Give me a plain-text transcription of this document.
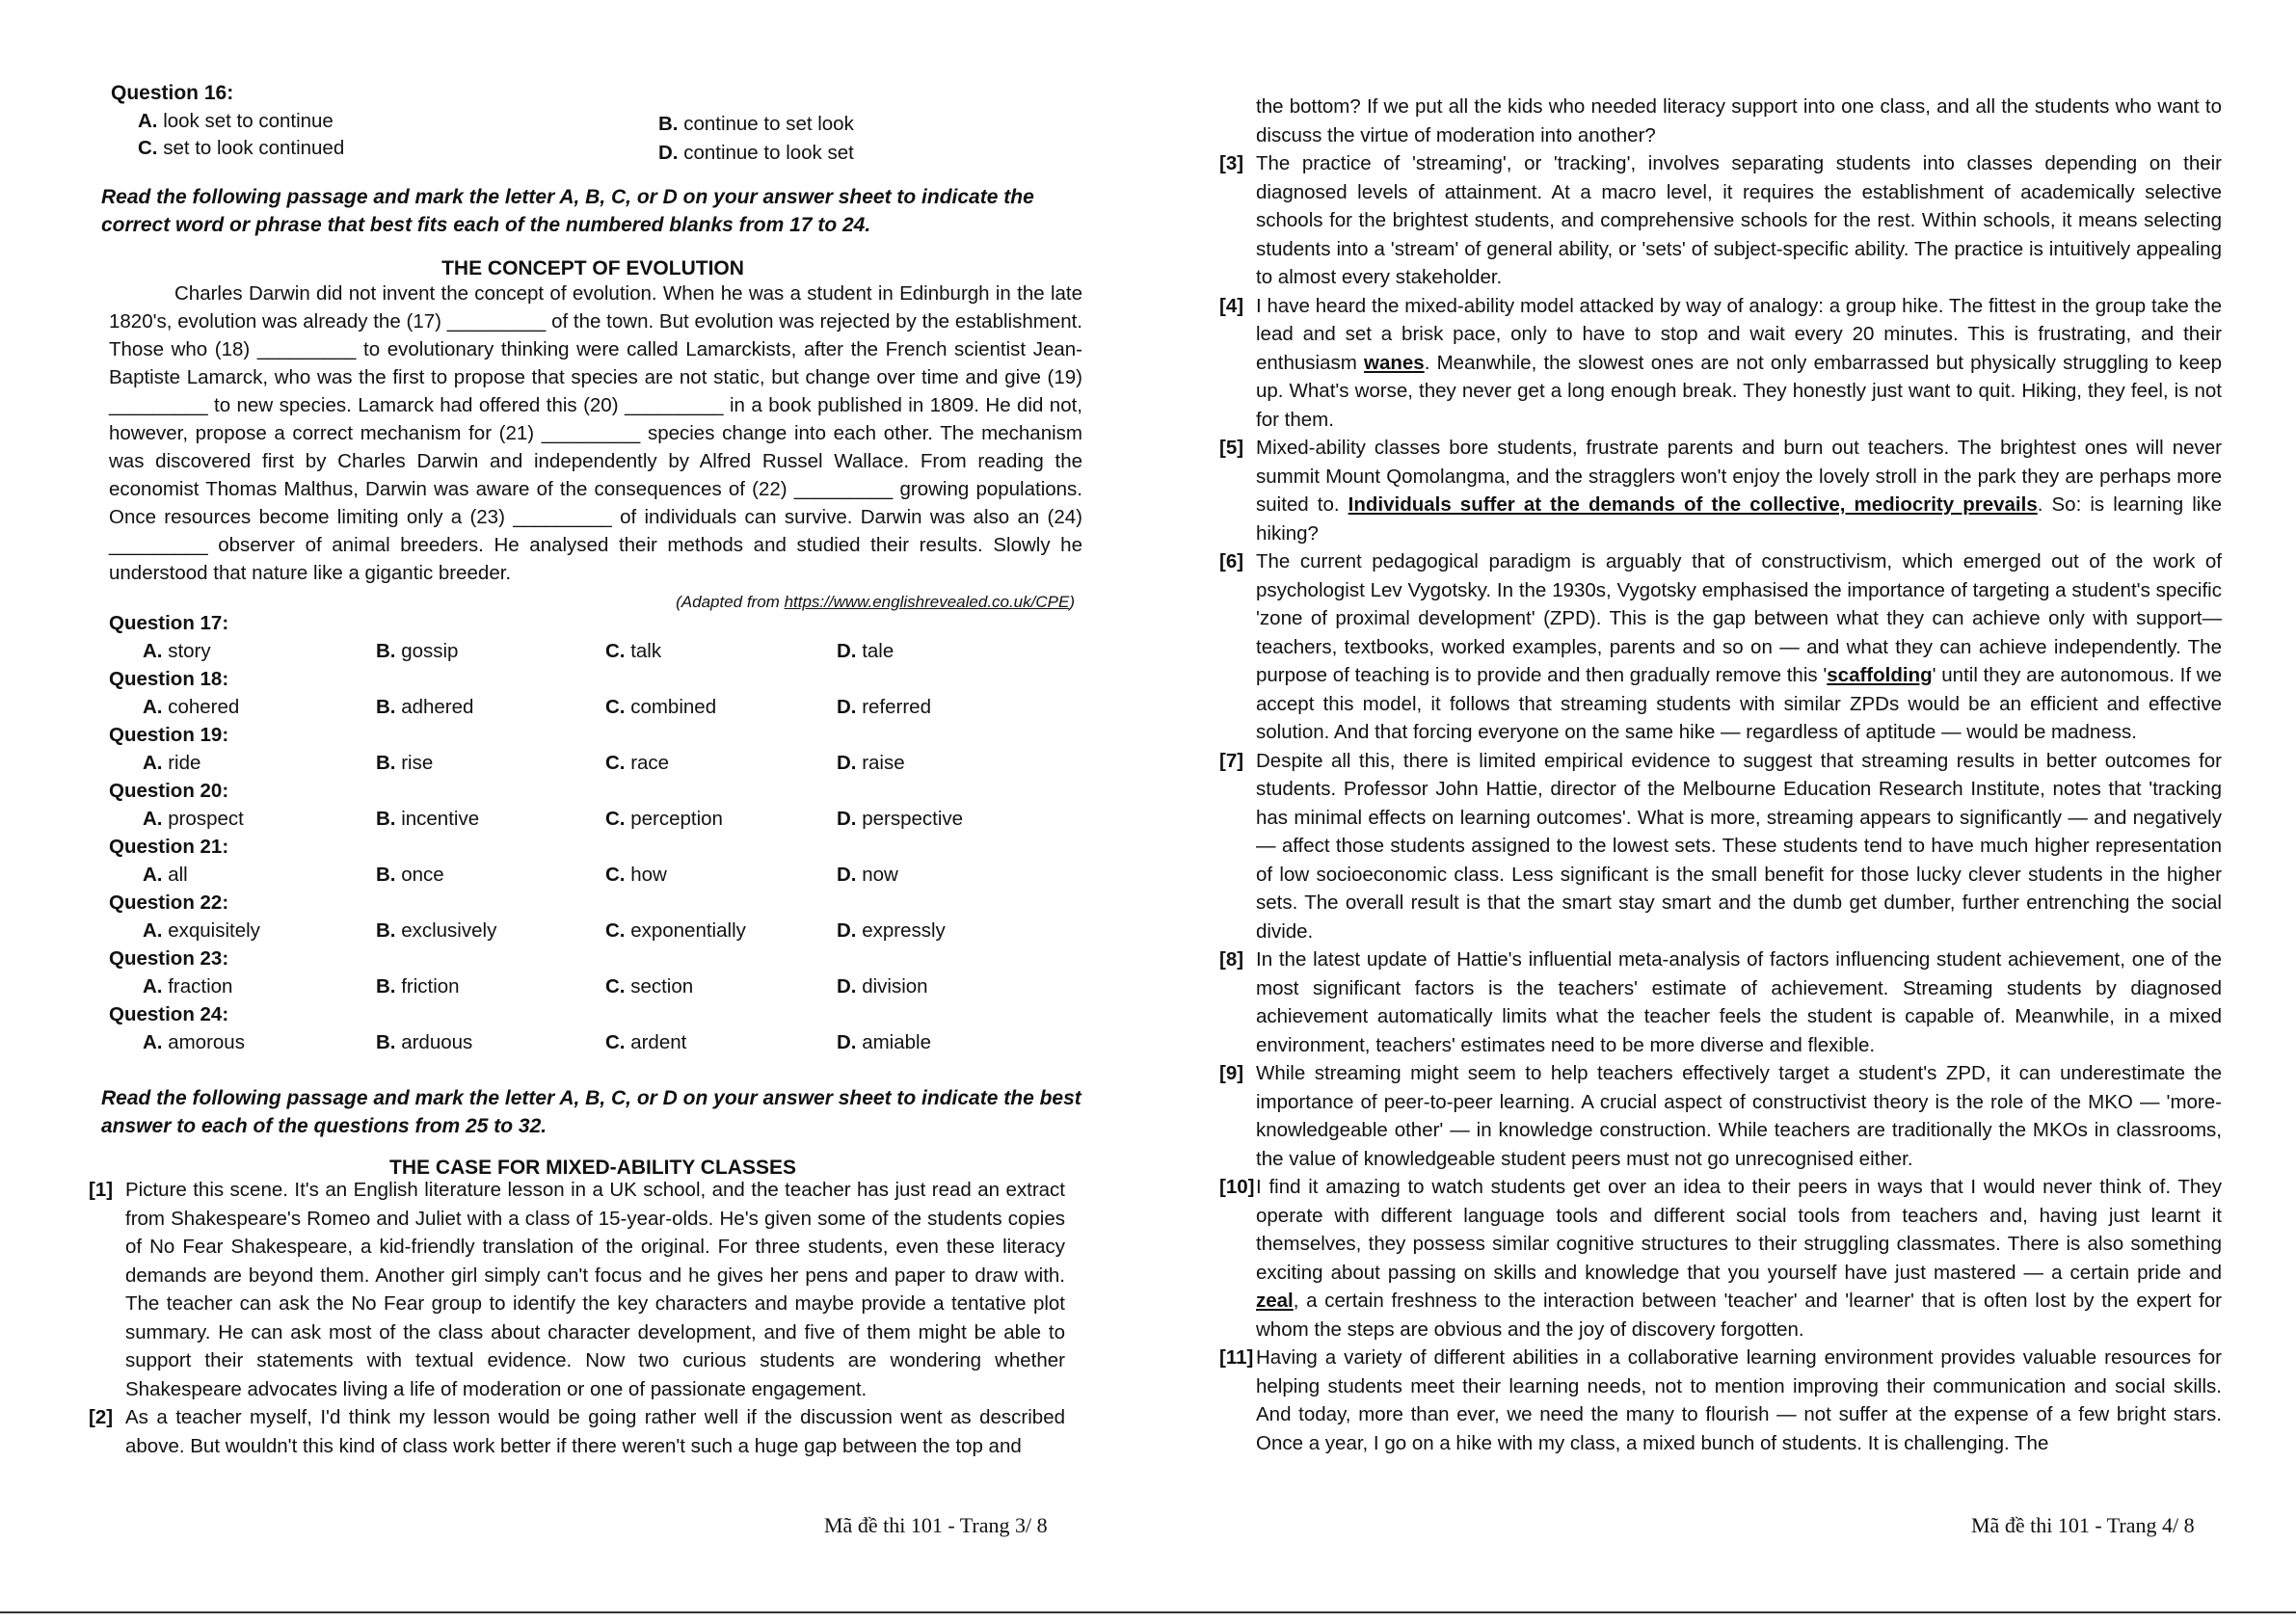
Question 16:
A. look set to continue	B. continue to set look
C. set to look continued	D. continue to look set
Read the following passage and mark the letter A, B, C, or D on your answer sheet to indicate the correct word or phrase that best fits each of the numbered blanks from 17 to 24.
THE CONCEPT OF EVOLUTION
Charles Darwin did not invent the concept of evolution. When he was a student in Edinburgh in the late 1820's, evolution was already the (17) _________ of the town. But evolution was rejected by the establishment. Those who (18) _________ to evolutionary thinking were called Lamarckists, after the French scientist Jean-Baptiste Lamarck, who was the first to propose that species are not static, but change over time and give (19) _________ to new species. Lamarck had offered this (20) _________ in a book published in 1809. He did not, however, propose a correct mechanism for (21) _________ species change into each other. The mechanism was discovered first by Charles Darwin and independently by Alfred Russel Wallace. From reading the economist Thomas Malthus, Darwin was aware of the consequences of (22) _________ growing populations. Once resources become limiting only a (23) _________ of individuals can survive. Darwin was also an (24) _________ observer of animal breeders. He analysed their methods and studied their results. Slowly he understood that nature like a gigantic breeder.
(Adapted from https://www.englishrevealed.co.uk/CPE)
Question 17:
A. story	B. gossip	C. talk	D. tale
Question 18:
A. cohered	B. adhered	C. combined	D. referred
Question 19:
A. ride	B. rise	C. race	D. raise
Question 20:
A. prospect	B. incentive	C. perception	D. perspective
Question 21:
A. all	B. once	C. how	D. now
Question 22:
A. exquisitely	B. exclusively	C. exponentially	D. expressly
Question 23:
A. fraction	B. friction	C. section	D. division
Question 24:
A. amorous	B. arduous	C. ardent	D. amiable
Read the following passage and mark the letter A, B, C, or D on your answer sheet to indicate the best answer to each of the questions from 25 to 32.
THE CASE FOR MIXED-ABILITY CLASSES
[1] Picture this scene. It's an English literature lesson in a UK school, and the teacher has just read an extract from Shakespeare's Romeo and Juliet with a class of 15-year-olds. He's given some of the students copies of No Fear Shakespeare, a kid-friendly translation of the original. For three students, even these literacy demands are beyond them. Another girl simply can't focus and he gives her pens and paper to draw with. The teacher can ask the No Fear group to identify the key characters and maybe provide a tentative plot summary. He can ask most of the class about character development, and five of them might be able to support their statements with textual evidence. Now two curious students are wondering whether Shakespeare advocates living a life of moderation or one of passionate engagement.
[2] As a teacher myself, I'd think my lesson would be going rather well if the discussion went as described above. But wouldn't this kind of class work better if there weren't such a huge gap between the top and
Mã đề thi 101 - Trang 3/ 8
the bottom? If we put all the kids who needed literacy support into one class, and all the students who want to discuss the virtue of moderation into another?
[3] The practice of 'streaming', or 'tracking', involves separating students into classes depending on their diagnosed levels of attainment. At a macro level, it requires the establishment of academically selective schools for the brightest students, and comprehensive schools for the rest. Within schools, it means selecting students into a 'stream' of general ability, or 'sets' of subject-specific ability. The practice is intuitively appealing to almost every stakeholder.
[4] I have heard the mixed-ability model attacked by way of analogy: a group hike. The fittest in the group take the lead and set a brisk pace, only to have to stop and wait every 20 minutes. This is frustrating, and their enthusiasm wanes. Meanwhile, the slowest ones are not only embarrassed but physically struggling to keep up. What's worse, they never get a long enough break. They honestly just want to quit. Hiking, they feel, is not for them.
[5] Mixed-ability classes bore students, frustrate parents and burn out teachers. The brightest ones will never summit Mount Qomolangma, and the stragglers won't enjoy the lovely stroll in the park they are perhaps more suited to. Individuals suffer at the demands of the collective, mediocrity prevails. So: is learning like hiking?
[6] The current pedagogical paradigm is arguably that of constructivism, which emerged out of the work of psychologist Lev Vygotsky. In the 1930s, Vygotsky emphasised the importance of targeting a student's specific 'zone of proximal development' (ZPD). This is the gap between what they can achieve only with support— teachers, textbooks, worked examples, parents and so on — and what they can achieve independently. The purpose of teaching is to provide and then gradually remove this 'scaffolding' until they are autonomous. If we accept this model, it follows that streaming students with similar ZPDs would be an efficient and effective solution. And that forcing everyone on the same hike — regardless of aptitude — would be madness.
[7] Despite all this, there is limited empirical evidence to suggest that streaming results in better outcomes for students. Professor John Hattie, director of the Melbourne Education Research Institute, notes that 'tracking has minimal effects on learning outcomes'. What is more, streaming appears to significantly — and negatively — affect those students assigned to the lowest sets. These students tend to have much higher representation of low socioeconomic class. Less significant is the small benefit for those lucky clever students in the higher sets. The overall result is that the smart stay smart and the dumb get dumber, further entrenching the social divide.
[8] In the latest update of Hattie's influential meta-analysis of factors influencing student achievement, one of the most significant factors is the teachers' estimate of achievement. Streaming students by diagnosed achievement automatically limits what the teacher feels the student is capable of. Meanwhile, in a mixed environment, teachers' estimates need to be more diverse and flexible.
[9] While streaming might seem to help teachers effectively target a student's ZPD, it can underestimate the importance of peer-to-peer learning. A crucial aspect of constructivist theory is the role of the MKO — 'more-knowledgeable other' — in knowledge construction. While teachers are traditionally the MKOs in classrooms, the value of knowledgeable student peers must not go unrecognised either.
[10] I find it amazing to watch students get over an idea to their peers in ways that I would never think of. They operate with different language tools and different social tools from teachers and, having just learnt it themselves, they possess similar cognitive structures to their struggling classmates. There is also something exciting about passing on skills and knowledge that you yourself have just mastered — a certain pride and zeal, a certain freshness to the interaction between 'teacher' and 'learner' that is often lost by the expert for whom the steps are obvious and the joy of discovery forgotten.
[11] Having a variety of different abilities in a collaborative learning environment provides valuable resources for helping students meet their learning needs, not to mention improving their communication and social skills. And today, more than ever, we need the many to flourish — not suffer at the expense of a few bright stars. Once a year, I go on a hike with my class, a mixed bunch of students. It is challenging. The
Mã đề thi 101 - Trang 4/ 8
